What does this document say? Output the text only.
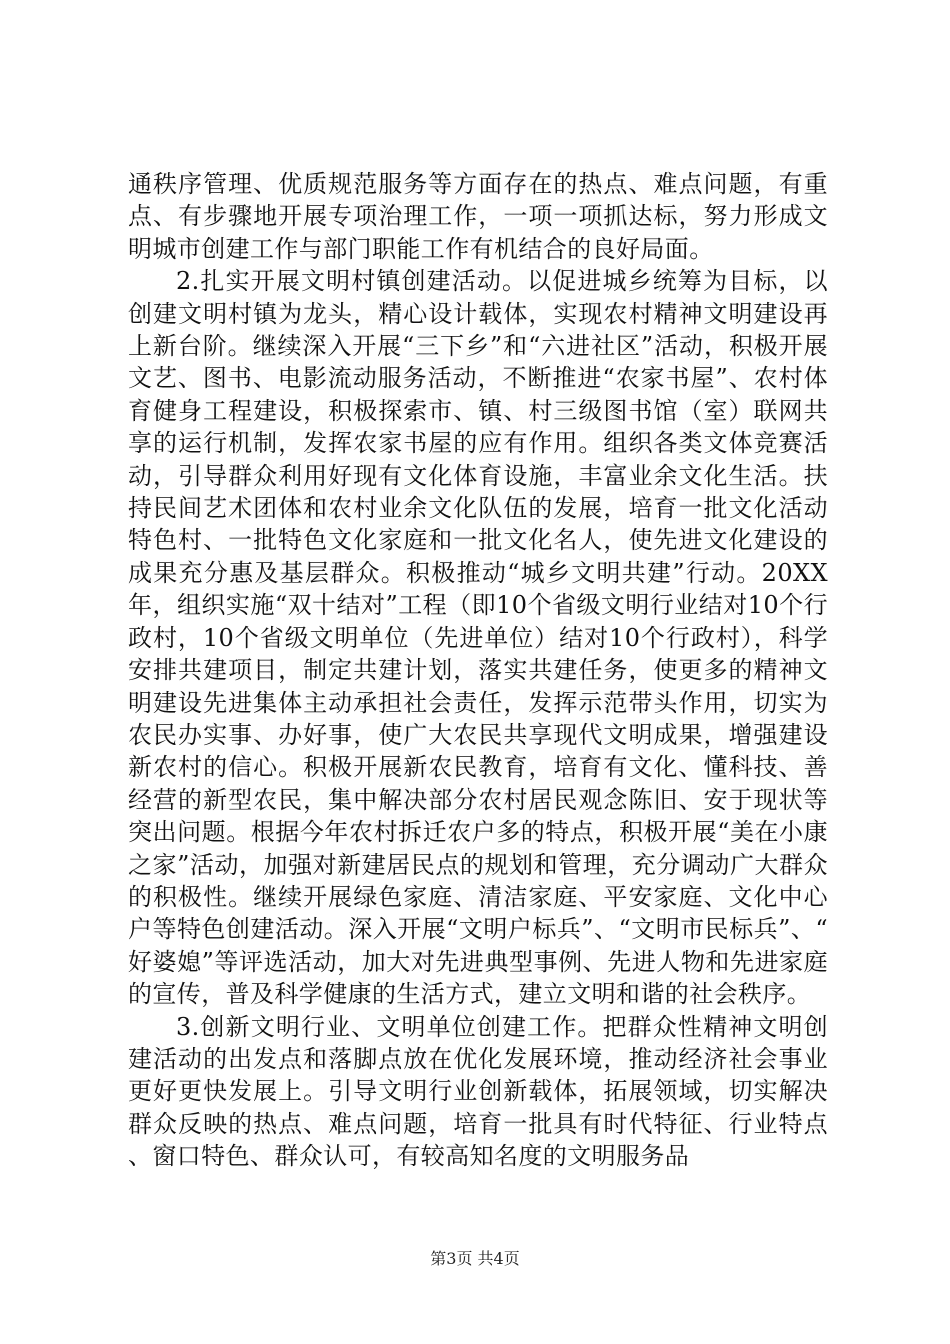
通秩序管理、优质规范服务等方面存在的热点、难点问题，有重点、有步骤地开展专项治理工作，一项一项抓达标，努力形成文明城市创建工作与部门职能工作有机结合的良好局面。

2.扎实开展文明村镇创建活动。以促进城乡统筹为目标，以创建文明村镇为龙头，精心设计载体，实现农村精神文明建设再上新台阶。继续深入开展“三下乡”和“六进社区”活动，积极开展文艺、图书、电影流动服务活动，不断推进“农家书屋”、农村体育健身工程建设，积极探索市、镇、村三级图书馆（室）联网共享的运行机制，发挥农家书屋的应有作用。组织各类文体竞赛活动，引导群众利用好现有文化体育设施，丰富业余文化生活。扶持民间艺术团体和农村业余文化队伍的发展，培育一批文化活动特色村、一批特色文化家庭和一批文化名人，使先进文化建设的成果充分惠及基层群众。积极推动“城乡文明共建”行动。20XX年，组织实施“双十结对”工程（即10个省级文明行业结对10个行政村，10个省级文明单位（先进单位）结对10个行政村），科学安排共建项目，制定共建计划，落实共建任务，使更多的精神文明建设先进集体主动承担社会责任，发挥示范带头作用，切实为农民办实事、办好事，使广大农民共享现代文明成果，增强建设新农村的信心。积极开展新农民教育，培育有文化、懂科技、善经营的新型农民，集中解决部分农村居民观念陈旧、安于现状等突出问题。根据今年农村拆迁农户多的特点，积极开展“美在小康之家”活动，加强对新建居民点的规划和管理，充分调动广大群众的积极性。继续开展绿色家庭、清洁家庭、平安家庭、文化中心户等特色创建活动。深入开展“文明户标兵”、“文明市民标兵”、“好婆媳”等评选活动，加大对先进典型事例、先进人物和先进家庭的宣传，普及科学健康的生活方式，建立文明和谐的社会秩序。

3.创新文明行业、文明单位创建工作。把群众性精神文明创建活动的出发点和落脚点放在优化发展环境，推动经济社会事业更好更快发展上。引导文明行业创新载体，拓展领域，切实解决群众反映的热点、难点问题，培育一批具有时代特征、行业特点、窗口特色、群众认可，有较高知名度的文明服务品

第3页 共4页
